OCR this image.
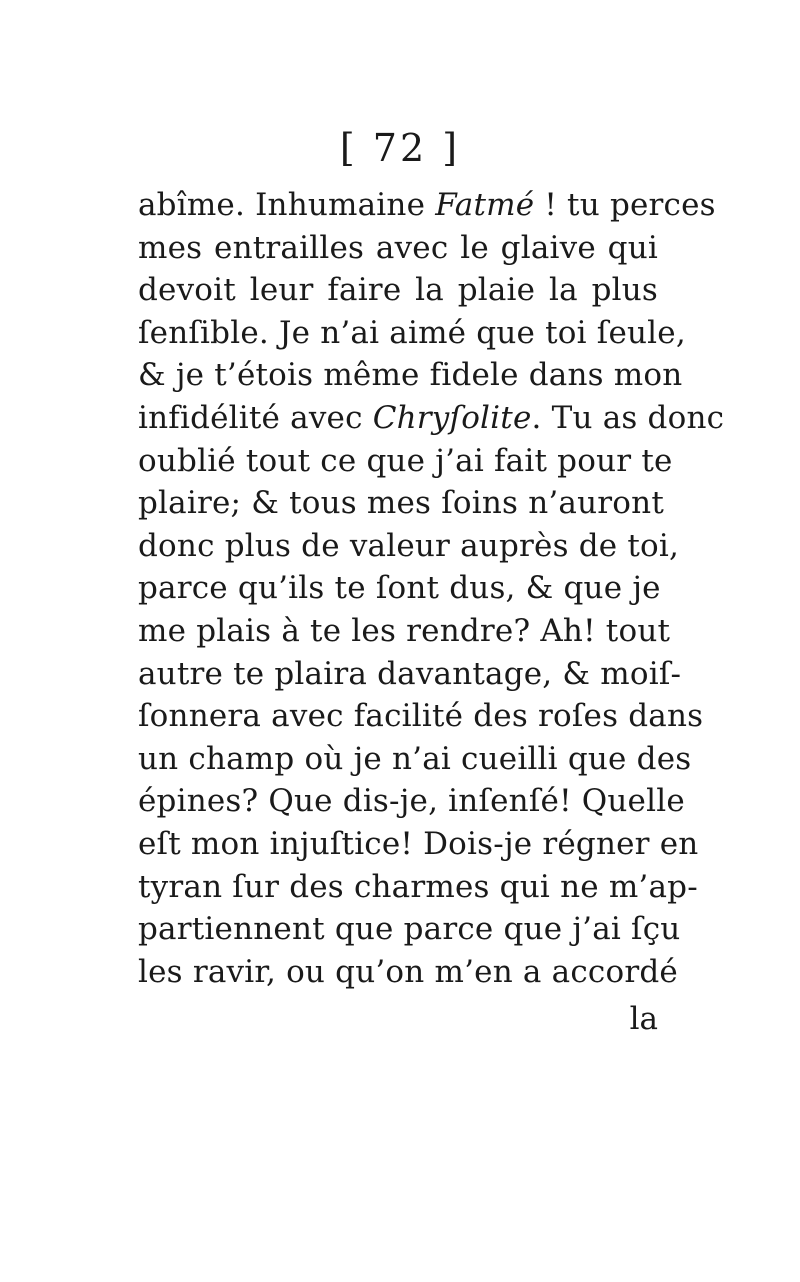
[ 72 ]
abîme. Inhumaine Fatmé ! tu perces
mes entrailles avec le glaive qui
devoit leur faire la plaie la plus
ſenſible. Je n’ai aimé que toi ſeule,
& je t’étois même fidele dans mon
infidélité avec Chryſolite. Tu as donc
oublié tout ce que j’ai fait pour te
plaire; & tous mes ſoins n’auront
donc plus de valeur auprès de toi,
parce qu’ils te ſont dus, & que je
me plais à te les rendre? Ah! tout
autre te plaira davantage, & moiſ-
ſonnera avec facilité des roſes dans
un champ où je n’ai cueilli que des
épines? Que dis-je, inſenſé! Quelle
eſt mon injuſtice! Dois-je régner en
tyran ſur des charmes qui ne m’ap-
partiennent que parce que j’ai ſçu
les ravir, ou qu’on m’en a accordé
la
